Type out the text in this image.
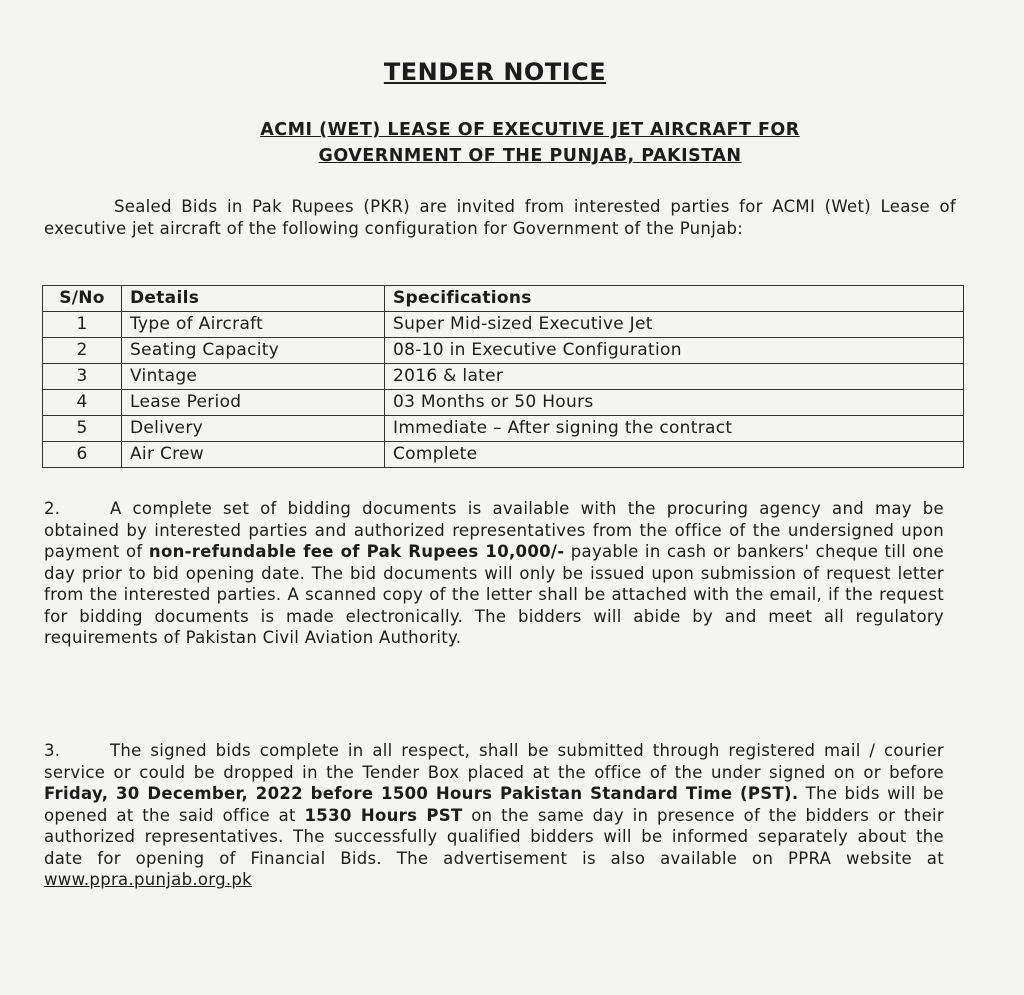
TENDER NOTICE
ACMI (WET) LEASE OF EXECUTIVE JET AIRCRAFT FOR
GOVERNMENT OF THE PUNJAB, PAKISTAN
Sealed Bids in Pak Rupees (PKR) are invited from interested parties for ACMI (Wet) Lease of executive jet aircraft of the following configuration for Government of the Punjab:
S/No	Details	Specifications
1	Type of Aircraft	Super Mid-sized Executive Jet
2	Seating Capacity	08-10 in Executive Configuration
3	Vintage	2016 & later
4	Lease Period	03 Months or 50 Hours
5	Delivery	Immediate – After signing the contract
6	Air Crew	Complete
2.	A complete set of bidding documents is available with the procuring agency and may be obtained by interested parties and authorized representatives from the office of the undersigned upon payment of non-refundable fee of Pak Rupees 10,000/- payable in cash or bankers' cheque till one day prior to bid opening date. The bid documents will only be issued upon submission of request letter from the interested parties. A scanned copy of the letter shall be attached with the email, if the request for bidding documents is made electronically. The bidders will abide by and meet all regulatory requirements of Pakistan Civil Aviation Authority.
3.	The signed bids complete in all respect, shall be submitted through registered mail / courier service or could be dropped in the Tender Box placed at the office of the under signed on or before Friday, 30 December, 2022 before 1500 Hours Pakistan Standard Time (PST). The bids will be opened at the said office at 1530 Hours PST on the same day in presence of the bidders or their authorized representatives. The successfully qualified bidders will be informed separately about the date for opening of Financial Bids. The advertisement is also available on PPRA website at www.ppra.punjab.org.pk
